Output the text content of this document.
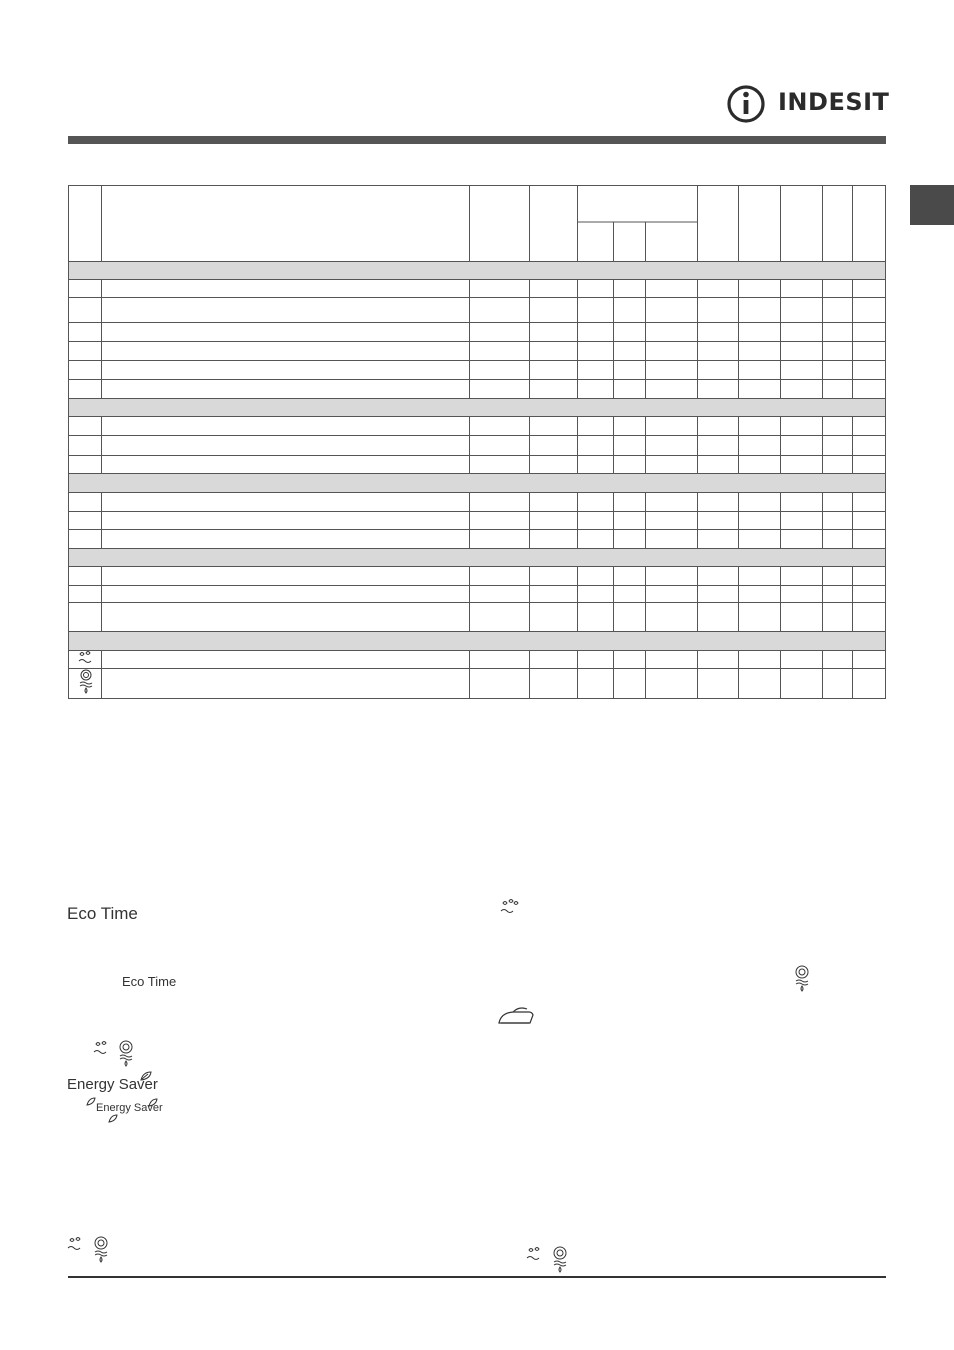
INDESIT
Eco Time
Eco Time
Energy Saver
Energy Saver
